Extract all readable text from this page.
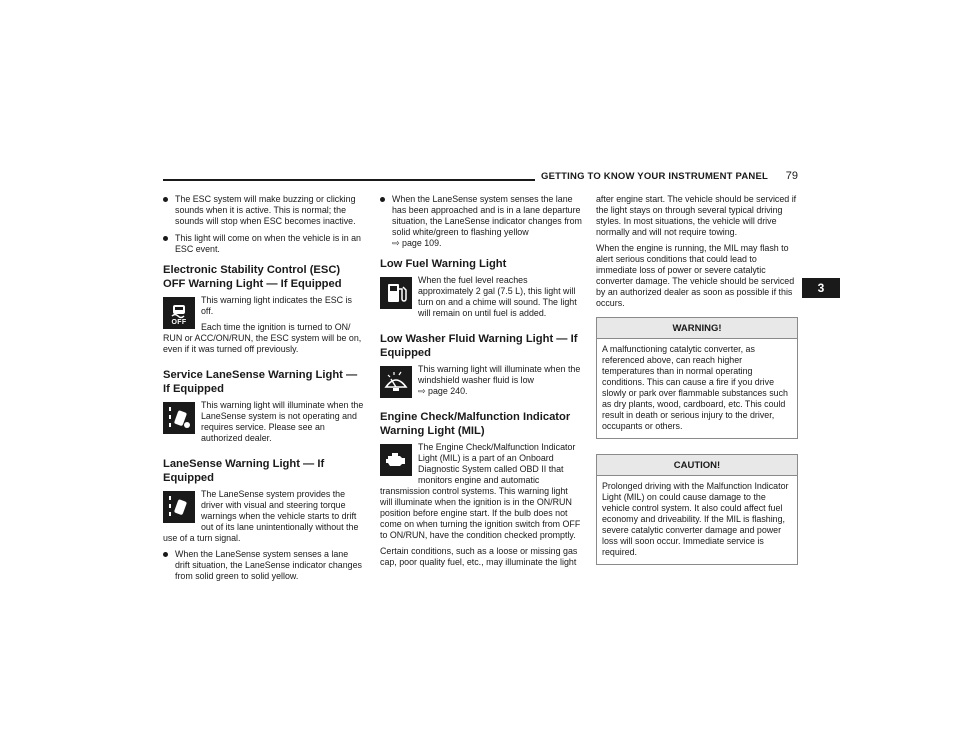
GETTING TO KNOW YOUR INSTRUMENT PANEL 79
3
The ESC system will make buzzing or clicking sounds when it is active. This is normal; the sounds will stop when ESC becomes inactive.
This light will come on when the vehicle is in an ESC event.
Electronic Stability Control (ESC) OFF Warning Light — If Equipped
OFF

This warning light indicates the ESC is off.

Each time the ignition is turned to ON/ RUN or ACC/ON/RUN, the ESC system will be on, even if it was turned off previously.

Service LaneSense Warning Light — If Equipped

This warning light will illuminate when the LaneSense system is not operating and requires service. Please see an authorized dealer.

LaneSense Warning Light — If Equipped

The LaneSense system provides the driver with visual and steering torque warnings when the vehicle starts to drift out of its lane unintentionally without the use of a turn signal.

When the LaneSense system senses a lane drift situation, the LaneSense indicator changes from solid green to solid yellow.
When the LaneSense system senses the lane has been approached and is in a lane departure situation, the LaneSense indicator changes from solid white/green to flashing yellow
⇨ page 109.
Low Fuel Warning Light

When the fuel level reaches approximately 2 gal (7.5 L), this light will turn on and a chime will sound. The light will remain on until fuel is added.

Low Washer Fluid Warning Light — If Equipped

This warning light will illuminate when the windshield washer fluid is low
⇨ page 240.

Engine Check/Malfunction Indicator Warning Light (MIL)

The Engine Check/Malfunction Indicator Light (MIL) is a part of an Onboard Diagnostic System called OBD II that monitors engine and automatic transmission control systems. This warning light will illuminate when the ignition is in the ON/RUN position before engine start. If the bulb does not come on when turning the ignition switch from OFF to ON/RUN, have the condition checked promptly.

Certain conditions, such as a loose or missing gas cap, poor quality fuel, etc., may illuminate the light

after engine start. The vehicle should be serviced if the light stays on through several typical driving styles. In most situations, the vehicle will drive normally and will not require towing.

When the engine is running, the MIL may flash to alert serious conditions that could lead to immediate loss of power or severe catalytic converter damage. The vehicle should be serviced by an authorized dealer as soon as possible if this occurs.

WARNING!
A malfunctioning catalytic converter, as referenced above, can reach higher temperatures than in normal operating conditions. This can cause a fire if you drive slowly or park over flammable substances such as dry plants, wood, cardboard, etc. This could result in death or serious injury to the driver, occupants or others.
CAUTION!
Prolonged driving with the Malfunction Indicator Light (MIL) on could cause damage to the vehicle control system. It also could affect fuel economy and driveability. If the MIL is flashing, severe catalytic converter damage and power loss will soon occur. Immediate service is required.
